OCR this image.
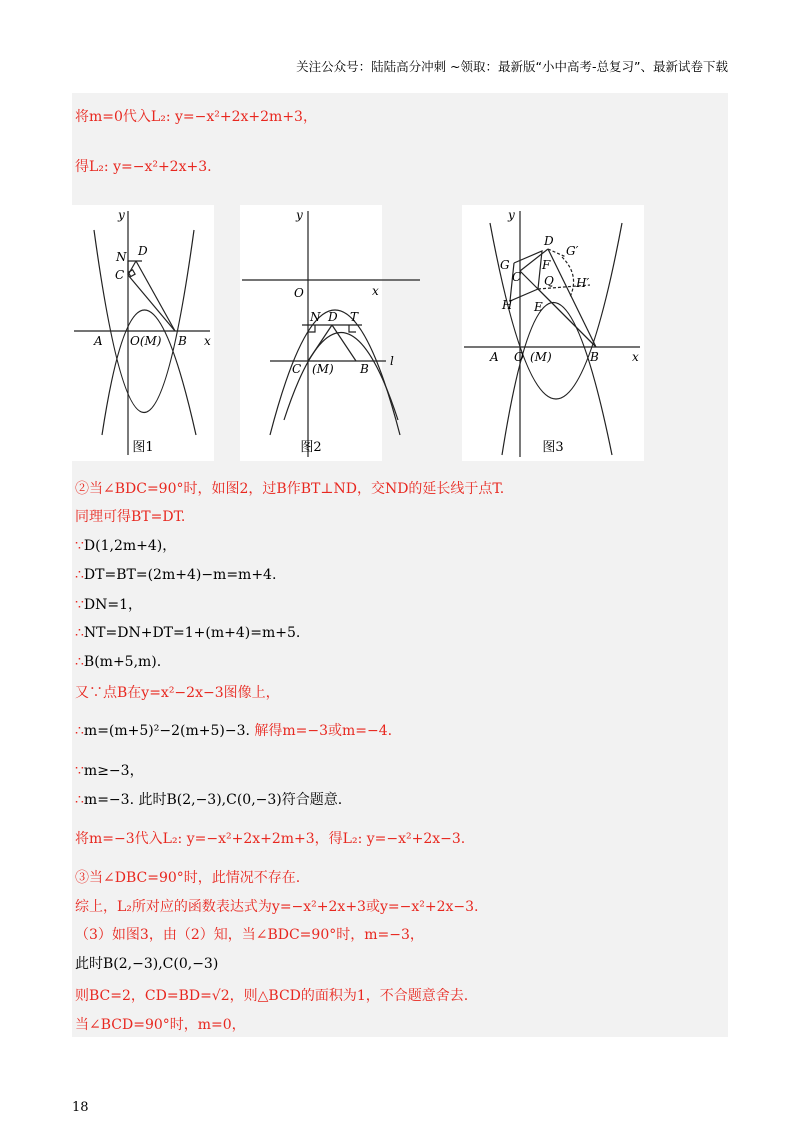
关注公众号：陆陆高分冲刺 ~领取：最新版“小中高考-总复习”、最新试卷下载
将m=0代入L₂: y=−x²+2x+2m+3，
得L₂: y=−x²+2x+3.
y
x
N D
C
A O(M) B
图1
y
x
O
N D T
C (M) B
l
图2
y
x
G
D
G′
C
F
Q H′
H E
A O (M)	B
图3
②当∠BDC=90°时，如图2，过B作BT⊥ND，交ND的延长线于点T.
同理可得BT=DT.
∵D(1,2m+4)，
∴DT=BT=(2m+4)−m=m+4.
∵DN=1，
∴NT=DN+DT=1+(m+4)=m+5.
∴B(m+5,m).
又∵点B在y=x²−2x−3图像上，
∴m=(m+5)²−2(m+5)−3. 解得m=−3或m=−4.
∵m≥−3，
∴m=−3. 此时B(2,−3),C(0,−3)符合题意.
将m=−3代入L₂: y=−x²+2x+2m+3，得L₂: y=−x²+2x−3.
③当∠DBC=90°时，此情况不存在.
综上，L₂所对应的函数表达式为y=−x²+2x+3或y=−x²+2x−3.
（3）如图3，由（2）知，当∠BDC=90°时，m=−3，
此时B(2,−3),C(0,−3)
则BC=2，CD=BD=√2，则△BCD的面积为1，不合题意舍去.
当∠BCD=90°时，m=0，
18
